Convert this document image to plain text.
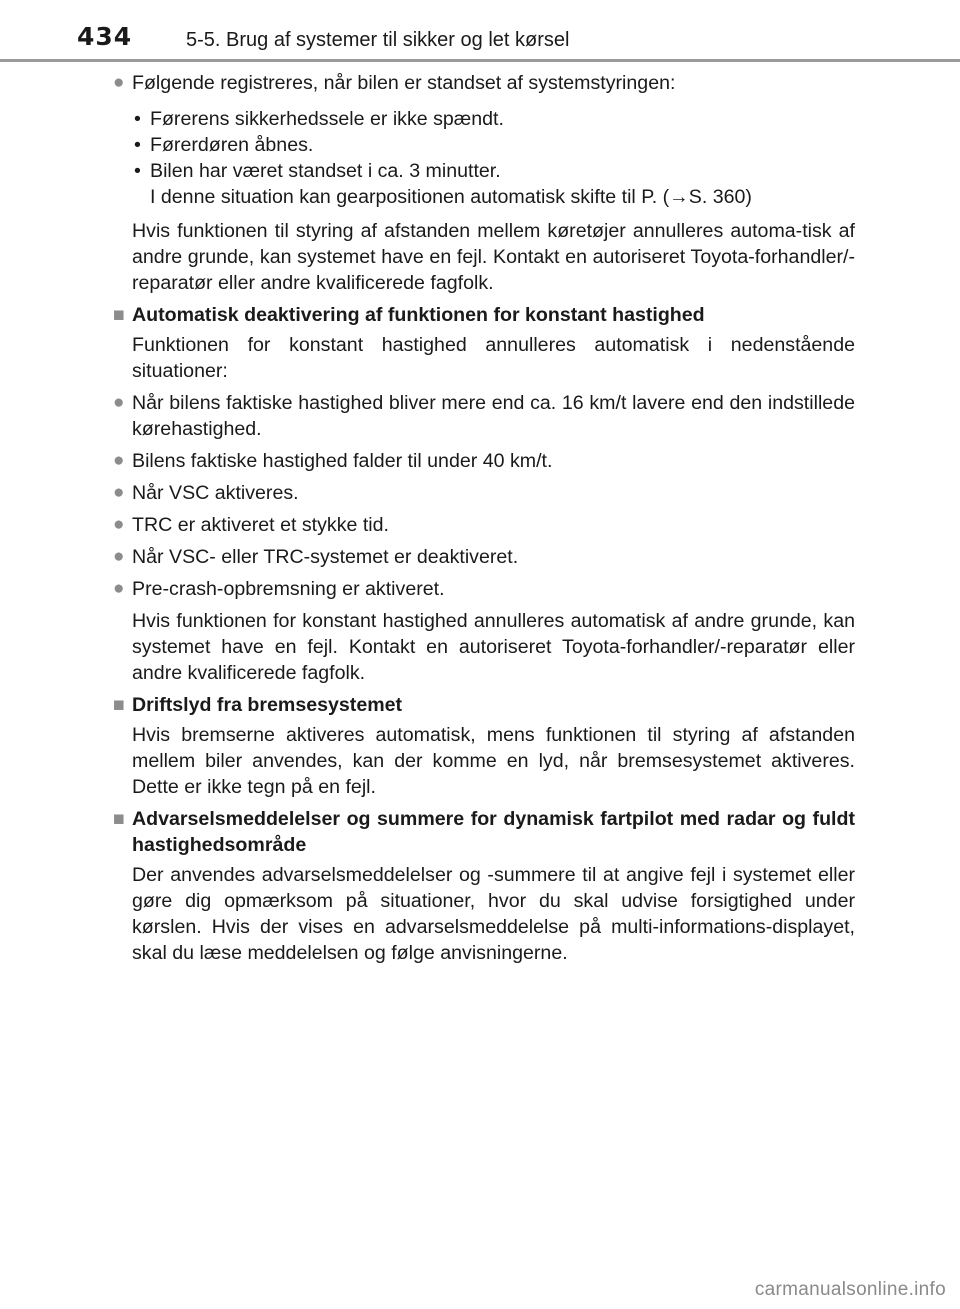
434	5-5. Brug af systemer til sikker og let kørsel
● Følgende registreres, når bilen er standset af systemstyringen:
• Førerens sikkerhedssele er ikke spændt.
• Førerdøren åbnes.
• Bilen har været standset i ca. 3 minutter.
I denne situation kan gearpositionen automatisk skifte til P. (→S. 360)
Hvis funktionen til styring af afstanden mellem køretøjer annulleres automa-tisk af andre grunde, kan systemet have en fejl. Kontakt en autoriseret Toyota-forhandler/-reparatør eller andre kvalificerede fagfolk.
■ Automatisk deaktivering af funktionen for konstant hastighed
Funktionen for konstant hastighed annulleres automatisk i nedenstående situationer:
● Når bilens faktiske hastighed bliver mere end ca. 16 km/t lavere end den indstillede kørehastighed.
● Bilens faktiske hastighed falder til under 40 km/t.
● Når VSC aktiveres.
● TRC er aktiveret et stykke tid.
● Når VSC- eller TRC-systemet er deaktiveret.
● Pre-crash-opbremsning er aktiveret.
Hvis funktionen for konstant hastighed annulleres automatisk af andre grunde, kan systemet have en fejl. Kontakt en autoriseret Toyota-forhandler/-reparatør eller andre kvalificerede fagfolk.
■ Driftslyd fra bremsesystemet
Hvis bremserne aktiveres automatisk, mens funktionen til styring af afstanden mellem biler anvendes, kan der komme en lyd, når bremsesystemet aktiveres. Dette er ikke tegn på en fejl.
■ Advarselsmeddelelser og summere for dynamisk fartpilot med radar og fuldt hastighedsområde
Der anvendes advarselsmeddelelser og -summere til at angive fejl i systemet eller gøre dig opmærksom på situationer, hvor du skal udvise forsigtighed under kørslen. Hvis der vises en advarselsmeddelelse på multi-informations-displayet, skal du læse meddelelsen og følge anvisningerne.
carmanualsonline.info
